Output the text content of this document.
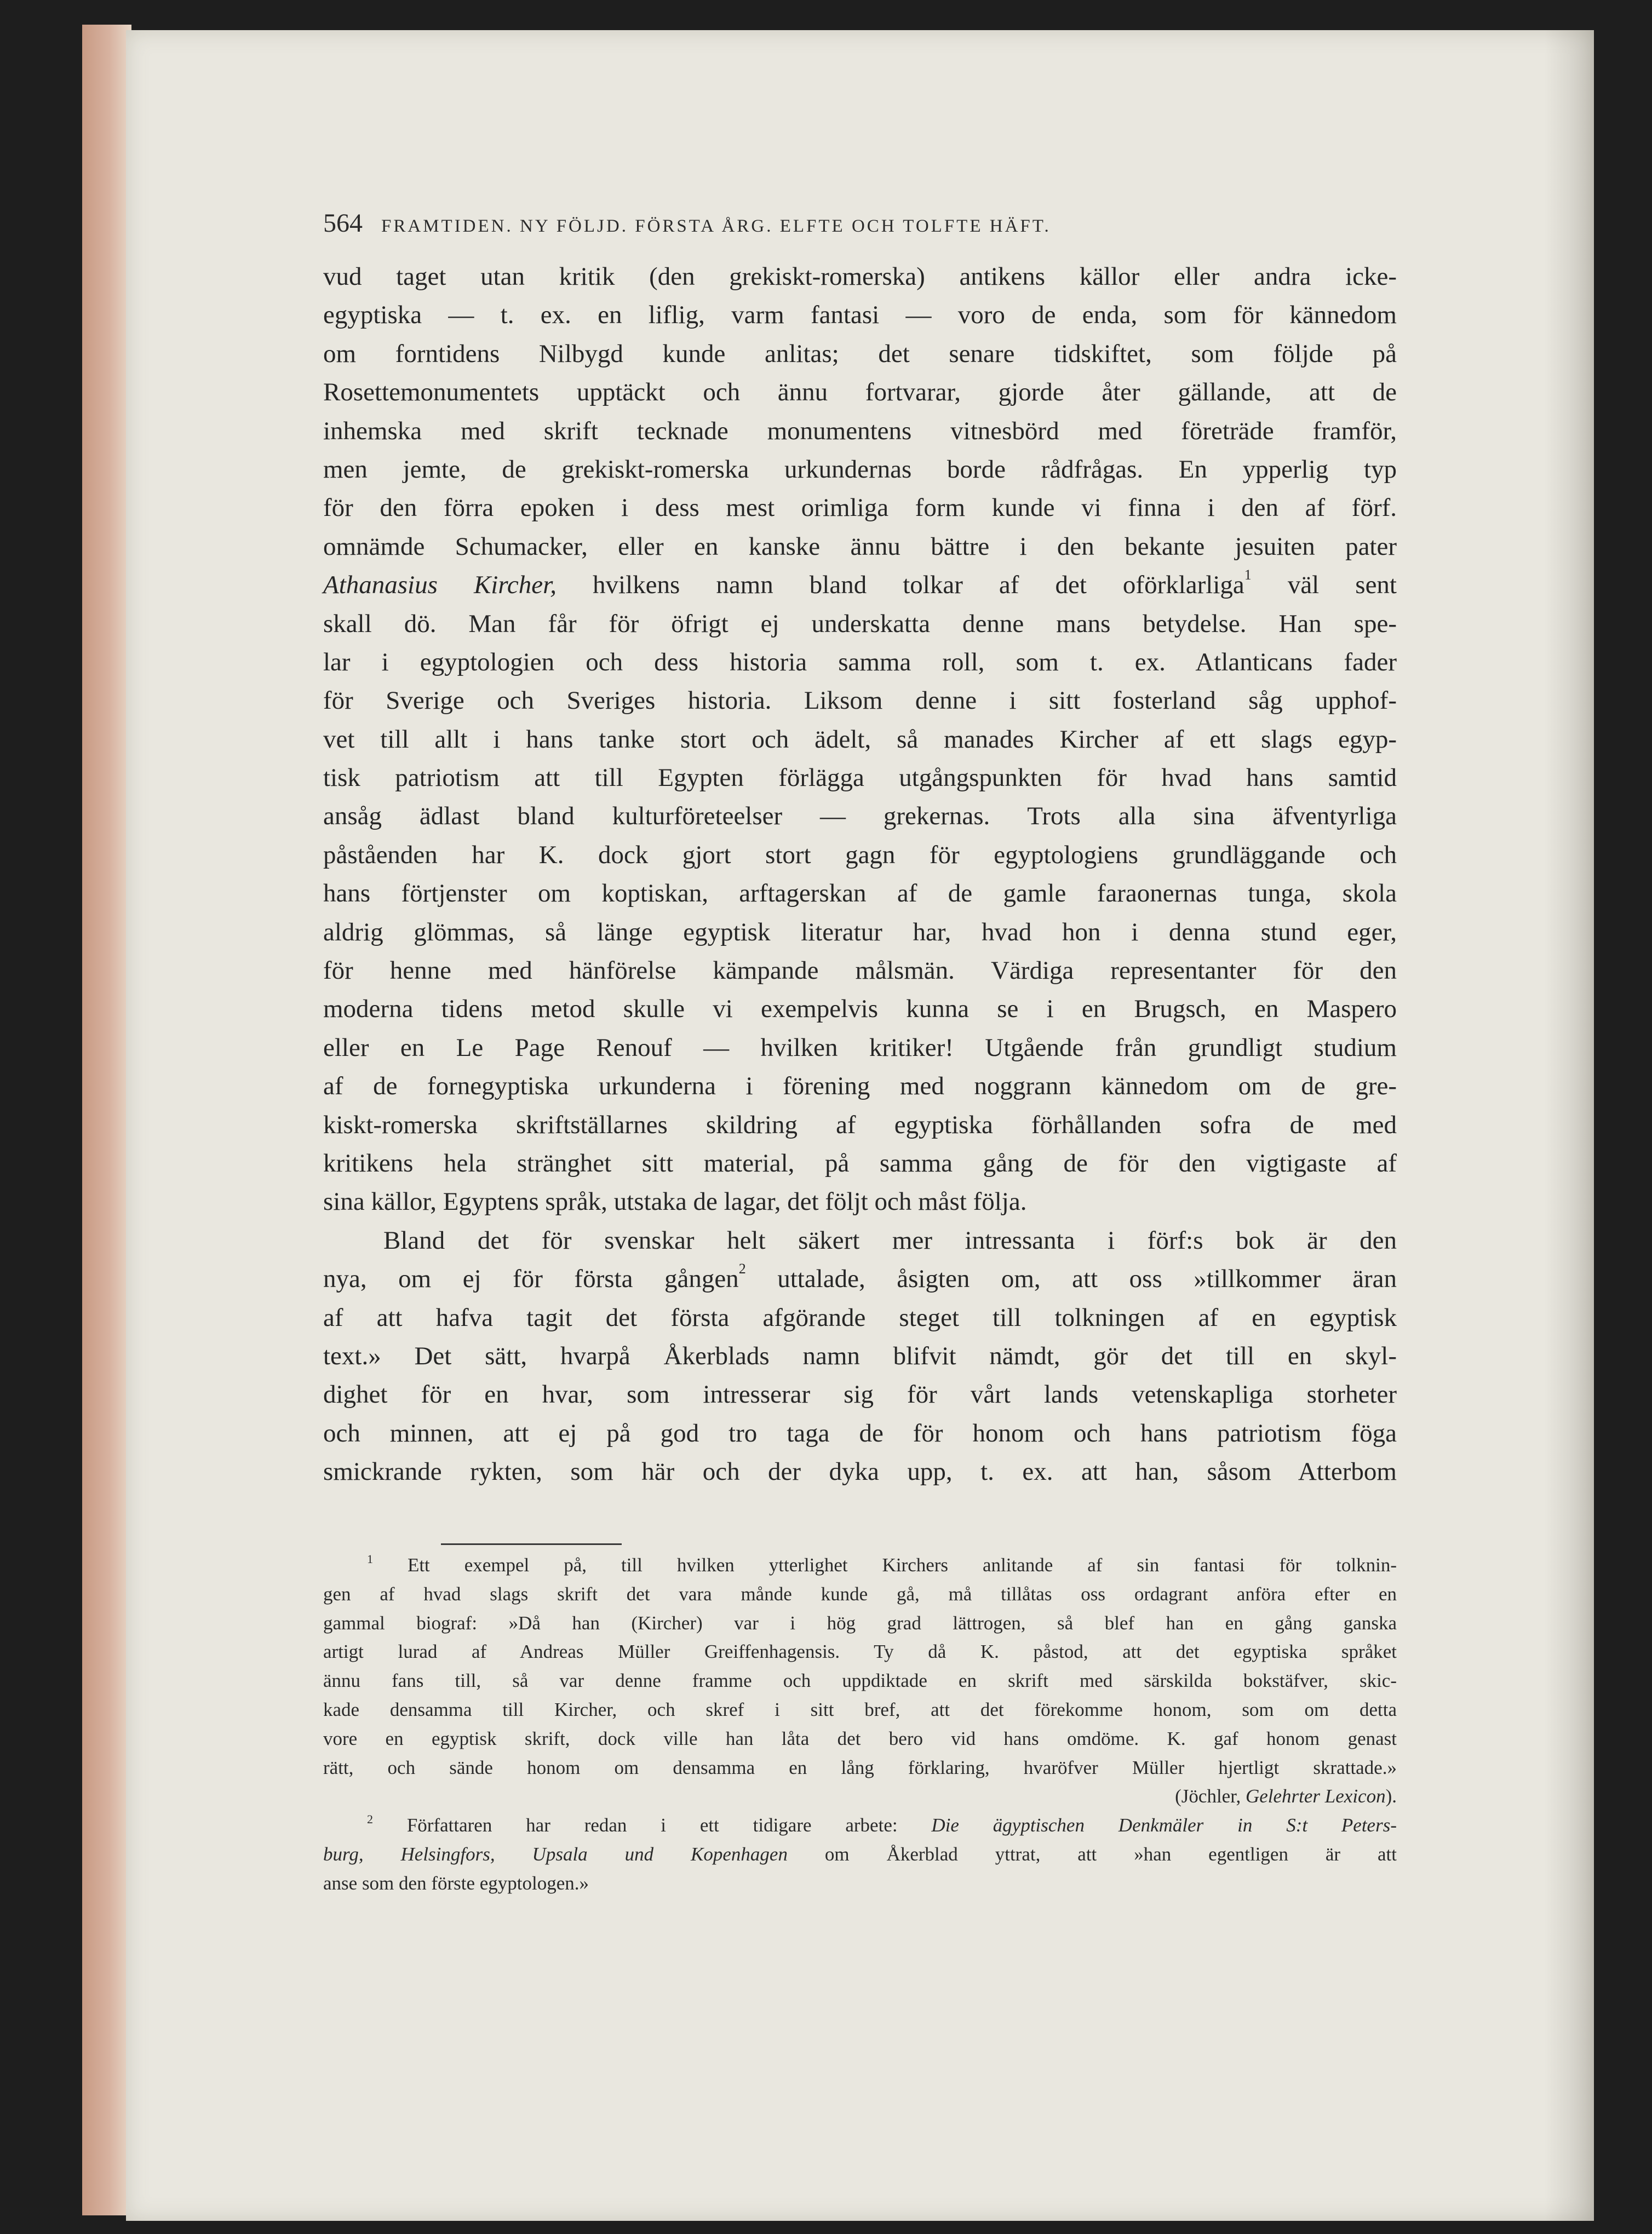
564 FRAMTIDEN. NY FÖLJD. FÖRSTA ÅRG. ELFTE OCH TOLFTE HÄFT.
vud taget utan kritik (den grekiskt-romerska) antikens källor eller andra icke-
egyptiska — t. ex. en liflig, varm fantasi — voro de enda, som för kännedom
om forntidens Nilbygd kunde anlitas; det senare tidskiftet, som följde på
Rosettemonumentets upptäckt och ännu fortvarar, gjorde åter gällande, att de
inhemska med skrift tecknade monumentens vitnesbörd med företräde framför,
men jemte, de grekiskt-romerska urkundernas borde rådfrågas. En ypperlig typ
för den förra epoken i dess mest orimliga form kunde vi finna i den af förf.
omnämde Schumacker, eller en kanske ännu bättre i den bekante jesuiten pater
Athanasius Kircher, hvilkens namn bland tolkar af det oförklarliga$^1$ väl sent
skall dö. Man får för öfrigt ej underskatta denne mans betydelse. Han spe-
lar i egyptologien och dess historia samma roll, som t. ex. Atlanticans fader
för Sverige och Sveriges historia. Liksom denne i sitt fosterland såg upphof-
vet till allt i hans tanke stort och ädelt, så manades Kircher af ett slags egyp-
tisk patriotism att till Egypten förlägga utgångspunkten för hvad hans samtid
ansåg ädlast bland kulturföreteelser — grekernas. Trots alla sina äfventyrliga
påståenden har K. dock gjort stort gagn för egyptologiens grundläggande och
hans förtjenster om koptiskan, arftagerskan af de gamle faraonernas tunga, skola
aldrig glömmas, så länge egyptisk literatur har, hvad hon i denna stund eger,
för henne med hänförelse kämpande målsmän. Värdiga representanter för den
moderna tidens metod skulle vi exempelvis kunna se i en Brugsch, en Maspero
eller en Le Page Renouf — hvilken kritiker! Utgående från grundligt studium
af de fornegyptiska urkunderna i förening med noggrann kännedom om de gre-
kiskt-romerska skriftställarnes skildring af egyptiska förhållanden sofra de med
kritikens hela stränghet sitt material, på samma gång de för den vigtigaste af
sina källor, Egyptens språk, utstaka de lagar, det följt och måst följa.
Bland det för svenskar helt säkert mer intressanta i förf:s bok är den
nya, om ej för första gången$^2$ uttalade, åsigten om, att oss »tillkommer äran
af att hafva tagit det första afgörande steget till tolkningen af en egyptisk
text.» Det sätt, hvarpå Åkerblads namn blifvit nämdt, gör det till en skyl-
dighet för en hvar, som intresserar sig för vårt lands vetenskapliga storheter
och minnen, att ej på god tro taga de för honom och hans patriotism föga
smickrande rykten, som här och der dyka upp, t. ex. att han, såsom Atterbom
$^1$ Ett exempel på, till hvilken ytterlighet Kirchers anlitande af sin fantasi för tolknin-
gen af hvad slags skrift det vara månde kunde gå, må tillåtas oss ordagrant anföra efter en
gammal biograf: »Då han (Kircher) var i hög grad lättrogen, så blef han en gång ganska
artigt lurad af Andreas Müller Greiffenhagensis. Ty då K. påstod, att det egyptiska språket
ännu fans till, så var denne framme och uppdiktade en skrift med särskilda bokstäfver, skic-
kade densamma till Kircher, och skref i sitt bref, att det förekomme honom, som om detta
vore en egyptisk skrift, dock ville han låta det bero vid hans omdöme. K. gaf honom genast
rätt, och sände honom om densamma en lång förklaring, hvaröfver Müller hjertligt skrattade.»
(Jöchler, Gelehrter Lexicon).
$^2$ Författaren har redan i ett tidigare arbete: Die ägyptischen Denkmäler in S:t Peters-
burg, Helsingfors, Upsala und Kopenhagen om Åkerblad yttrat, att »han egentligen är att
anse som den förste egyptologen.»
